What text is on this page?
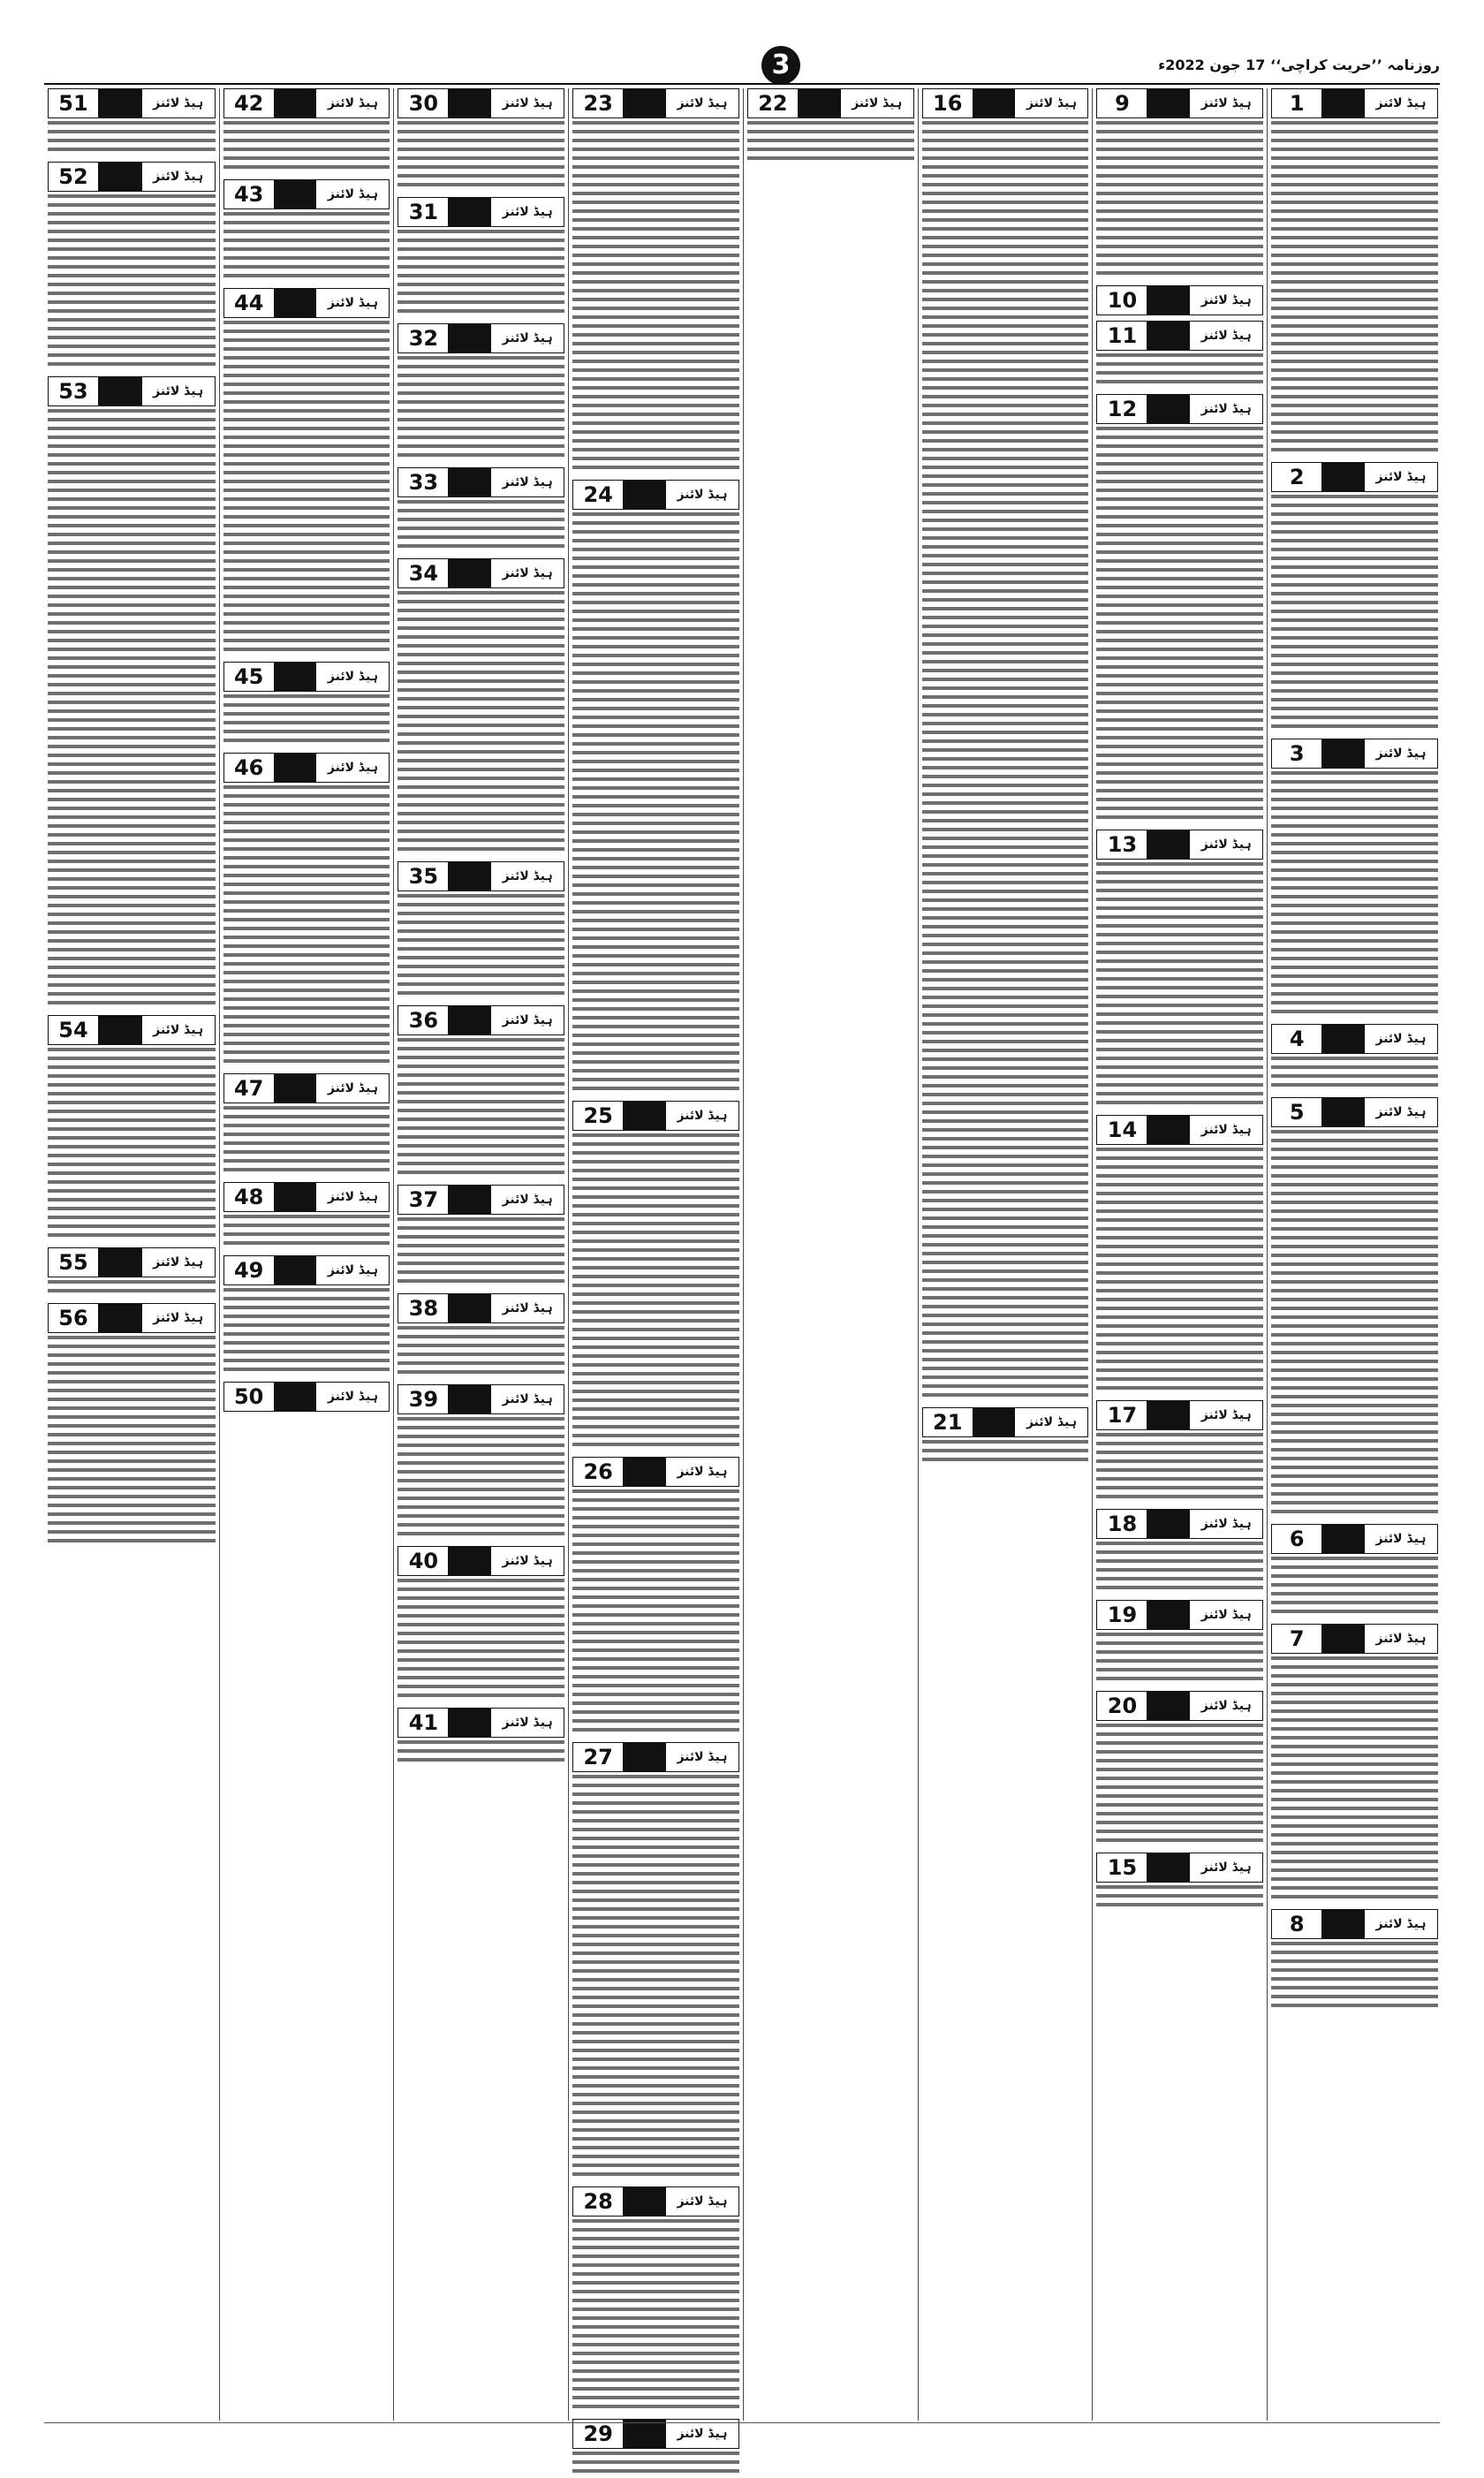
3	روزنامہ ’’حریت کراچی‘‘ 17 جون 2022ء
ہیڈ لائنز
1
ہیڈ لائنز
2
ہیڈ لائنز
3
ہیڈ لائنز
4
ہیڈ لائنز
5
ہیڈ لائنز
6
ہیڈ لائنز
7
ہیڈ لائنز
8
ہیڈ لائنز
9
ہیڈ لائنز
10
ہیڈ لائنز
11
ہیڈ لائنز
12
ہیڈ لائنز
13
ہیڈ لائنز
14
ہیڈ لائنز
17
ہیڈ لائنز
18
ہیڈ لائنز
19
ہیڈ لائنز
20
ہیڈ لائنز
15
ہیڈ لائنز
16
ہیڈ لائنز
21
ہیڈ لائنز
22
ہیڈ لائنز
23
ہیڈ لائنز
24
ہیڈ لائنز
25
ہیڈ لائنز
26
ہیڈ لائنز
27
ہیڈ لائنز
28
ہیڈ لائنز
29
ہیڈ لائنز
30
ہیڈ لائنز
31
ہیڈ لائنز
32
ہیڈ لائنز
33
ہیڈ لائنز
34
ہیڈ لائنز
35
ہیڈ لائنز
36
ہیڈ لائنز
37
ہیڈ لائنز
38
ہیڈ لائنز
39
ہیڈ لائنز
40
ہیڈ لائنز
41
ہیڈ لائنز
42
ہیڈ لائنز
43
ہیڈ لائنز
44
ہیڈ لائنز
45
ہیڈ لائنز
46
ہیڈ لائنز
47
ہیڈ لائنز
48
ہیڈ لائنز
49
ہیڈ لائنز
50
ہیڈ لائنز
51
ہیڈ لائنز
52
ہیڈ لائنز
53
ہیڈ لائنز
54
ہیڈ لائنز
55
ہیڈ لائنز
56
